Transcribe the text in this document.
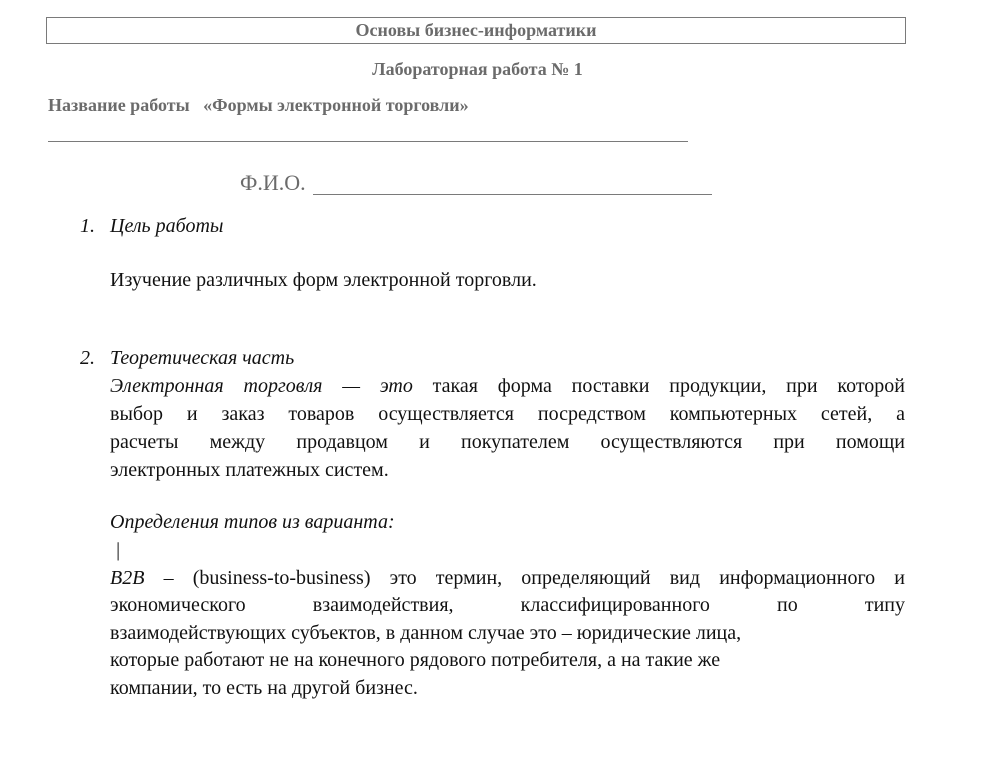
Основы бизнес-информатики
Лабораторная работа № 1
Название работы «Формы электронной торговли»
Ф.И.О.
1. Цель работы
Изучение различных форм электронной торговли.
2. Теоретическая часть
Электронная торговля — это такая форма поставки продукции, при которой
выбор и заказ товаров осуществляется посредством компьютерных сетей, а
расчеты между продавцом и покупателем осуществляются при помощи
электронных платежных систем.
Определения типов из варианта:
|
B2B – (business-to-business) это термин, определяющий вид информационного и
экономического взаимодействия, классифицированного по типу
взаимодействующих субъектов, в данном случае это – юридические лица,
которые работают не на конечного рядового потребителя, а на такие же
компании, то есть на другой бизнес.
